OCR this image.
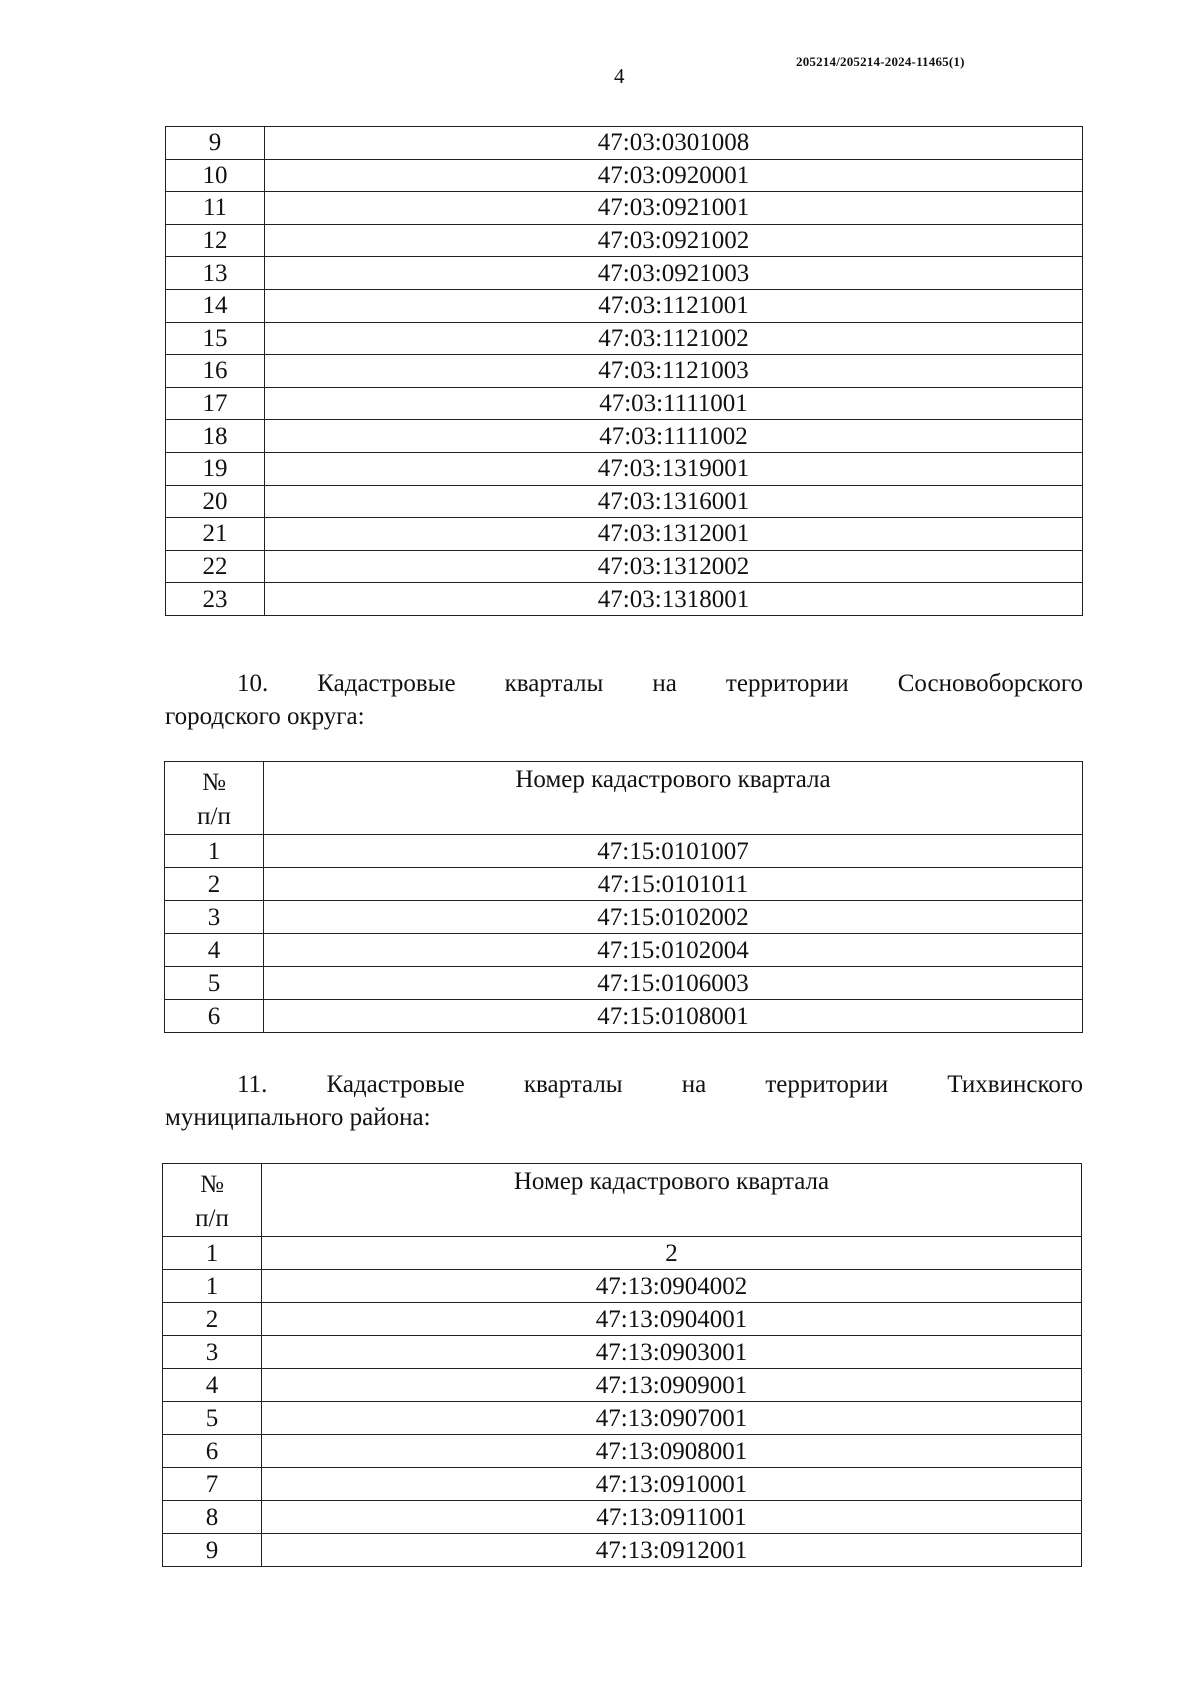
205214/205214-2024-11465(1)
4
9	47:03:0301008
10	47:03:0920001
11	47:03:0921001
12	47:03:0921002
13	47:03:0921003
14	47:03:1121001
15	47:03:1121002
16	47:03:1121003
17	47:03:1111001
18	47:03:1111002
19	47:03:1319001
20	47:03:1316001
21	47:03:1312001
22	47:03:1312002
23	47:03:1318001
10. Кадастровые кварталы на территории Сосновоборского
городского округа:
№
п/п	Номер кадастрового квартала
1	47:15:0101007
2	47:15:0101011
3	47:15:0102002
4	47:15:0102004
5	47:15:0106003
6	47:15:0108001
11. Кадастровые кварталы на территории Тихвинского
муниципального района:
№
п/п	Номер кадастрового квартала
1	2
1	47:13:0904002
2	47:13:0904001
3	47:13:0903001
4	47:13:0909001
5	47:13:0907001
6	47:13:0908001
7	47:13:0910001
8	47:13:0911001
9	47:13:0912001
